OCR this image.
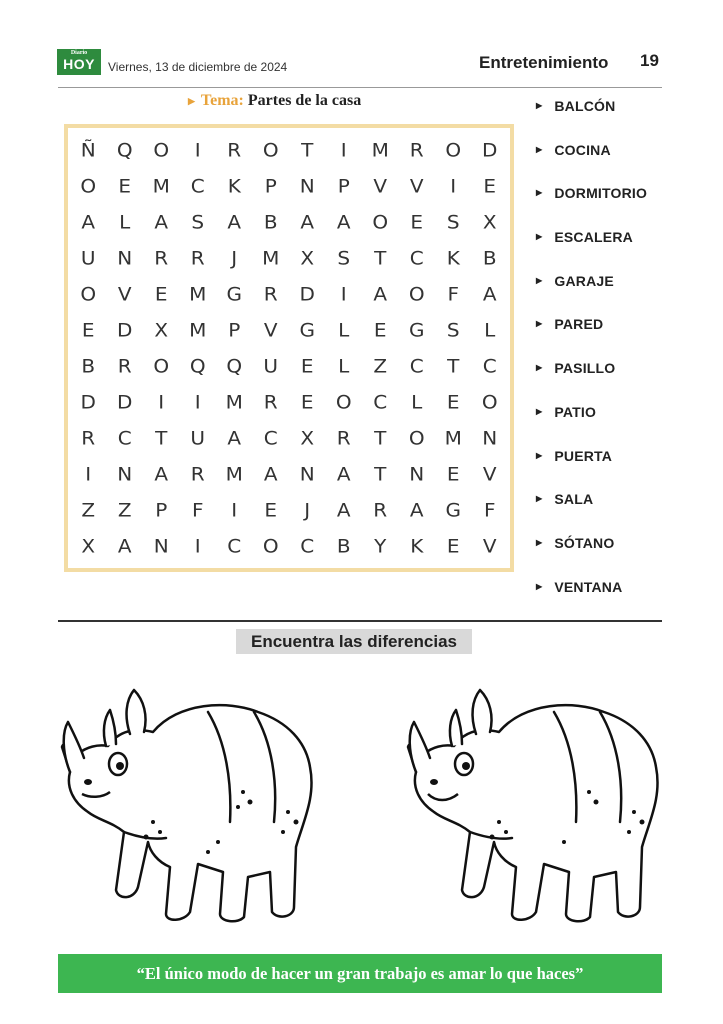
Diario
HOY	Viernes, 13 de diciembre de 2024	Entretenimiento 19
▶ Tema: Partes de la casa
Ñ	Q	O	I	R	O	T	I	M	R	O	D
O	E	M	C	K	P	N	P	V	V	I	E
A	L	A	S	A	B	A	A	O	E	S	X
U	N	R	R	J	M	X	S	T	C	K	B
O	V	E	M	G	R	D	I	A	O	F	A
E	D	X	M	P	V	G	L	E	G	S	L
B	R	O	Q	Q	U	E	L	Z	C	T	C
D	D	I	I	M	R	E	O	C	L	E	O
R	C	T	U	A	C	X	R	T	O M	N
I	N	A	R	M	A	N	A	T	N	E	V
Z	Z	P	F	I	E	J	A	R	A	G	F
X	A	N	I	C	O	C	B	Y	K	E	V
▶ BALCÓN
▶ COCINA
▶ DORMITORIO
▶ ESCALERA
▶ GARAJE
▶ PARED
▶ PASILLO
▶ PATIO
▶ PUERTA
▶ SALA
▶ SÓTANO
▶ VENTANA
Encuentra las diferencias
“El único modo de hacer un gran trabajo es amar lo que haces”
